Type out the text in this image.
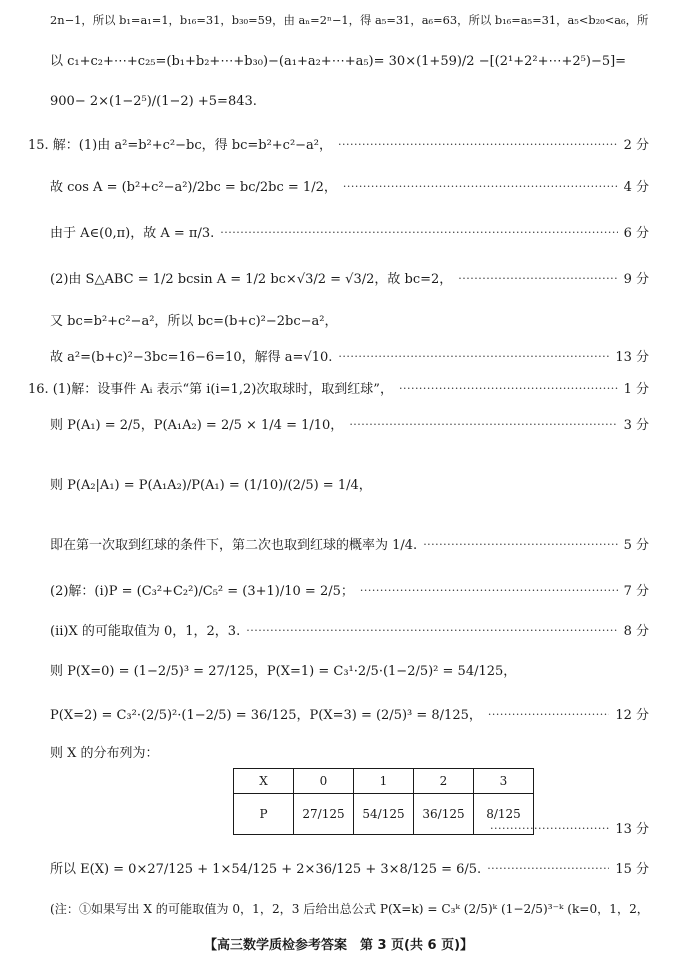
2n−1，所以 b₁=a₁=1，b₁₆=31，b₃₀=59，由 aₙ=2ⁿ−1，得 a₅=31，a₆=63，所以 b₁₆=a₅=31，a₅<b₂₀<a₆，所
以 c₁+c₂+⋯+c₂₅=(b₁+b₂+⋯+b₃₀)−(a₁+a₂+⋯+a₅)= 30×(1+59)/2 −[(2¹+2²+⋯+2⁵)−5]=
900− 2×(1−2⁵)/(1−2) +5=843.
15. 解：(1)由 a²=b²+c²−bc，得 bc=b²+c²−a²， ·····	2 分
故 cos A = (b²+c²−a²)/2bc = bc/2bc = 1/2， ·····	4 分
由于 A∈(0,π)，故 A = π/3. ·····	6 分
(2)由 S△ABC = 1/2 bcsin A = 1/2 bc×√3/2 = √3/2，故 bc=2， ·····	9 分
又 bc=b²+c²−a²，所以 bc=(b+c)²−2bc−a²，
故 a²=(b+c)²−3bc=16−6=10，解得 a=√10. ·····	13 分
16. (1)解：设事件 Aᵢ 表示“第 i(i=1,2)次取球时，取到红球”， ·····	1 分
则 P(A₁) = 2/5，P(A₁A₂) = 2/5 × 1/4 = 1/10， ·····	3 分
则 P(A₂|A₁) = P(A₁A₂)/P(A₁) = (1/10)/(2/5) = 1/4，
即在第一次取到红球的条件下，第二次也取到红球的概率为 1/4. ·····	5 分
(2)解：(ⅰ)P = (C₃²+C₂²)/C₅² = (3+1)/10 = 2/5； ·····	7 分
(ⅱ)X 的可能取值为 0，1，2，3. ·····	8 分
则 P(X=0) = (1−2/5)³ = 27/125，P(X=1) = C₃¹·2/5·(1−2/5)² = 54/125，
P(X=2) = C₃²·(2/5)²·(1−2/5) = 36/125，P(X=3) = (2/5)³ = 8/125， ·····	12 分
则 X 的分布列为：
X	0	1	2	3
P	27/125	54/125	36/125	8/125
·····
13 分
所以 E(X) = 0×27/125 + 1×54/125 + 2×36/125 + 3×8/125 = 6/5. ·····	15 分
(注：①如果写出 X 的可能取值为 0，1，2，3 后给出总公式 P(X=k) = C₃ᵏ (2/5)ᵏ (1−2/5)³⁻ᵏ (k=0，1，2，
【高三数学质检参考答案　第 3 页(共 6 页)】
